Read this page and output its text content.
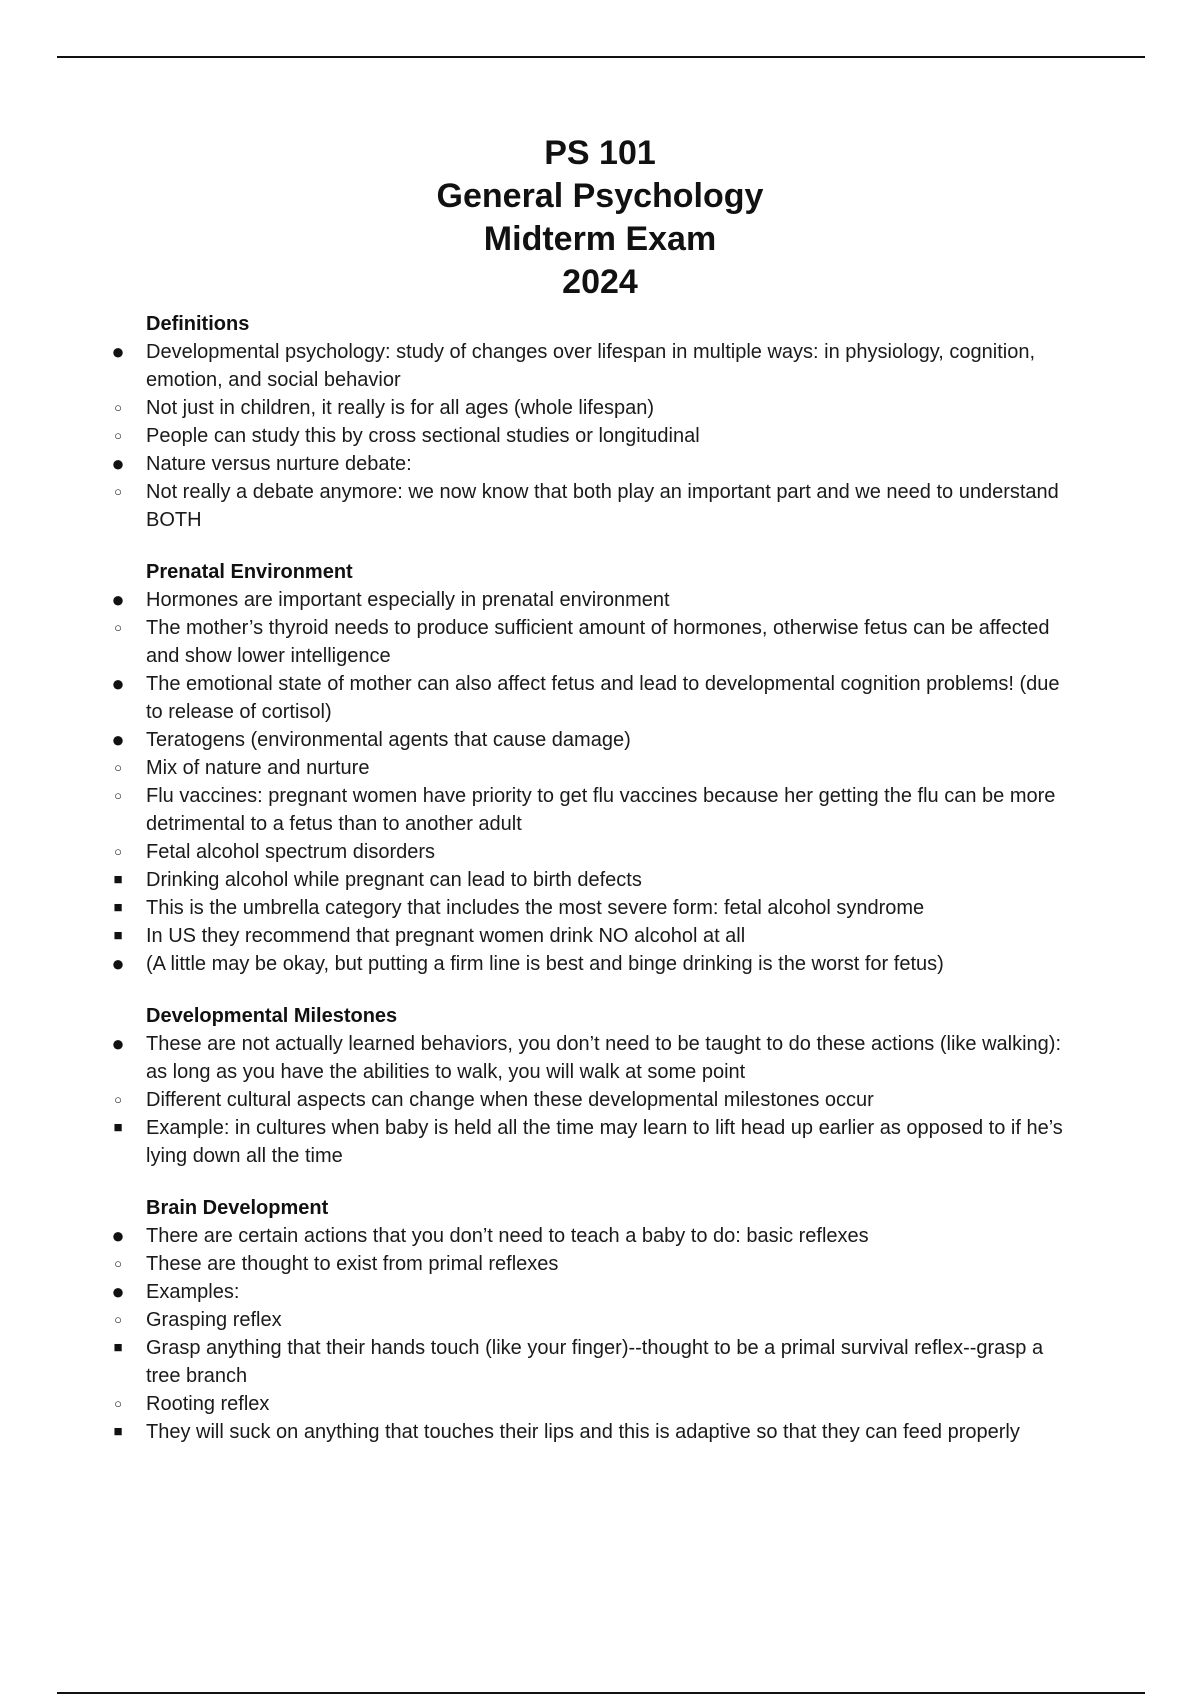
PS 101
General Psychology
Midterm Exam
2024
Definitions
● Developmental psychology: study of changes over lifespan in multiple ways: in physiology, cognition, emotion, and social behavior
○	Not just in children, it really is for all ages (whole lifespan)
○	People can study this by cross sectional studies or longitudinal
● Nature versus nurture debate:
○	Not really a debate anymore: we now know that both play an important part and we need to understand BOTH
Prenatal Environment
● Hormones are important especially in prenatal environment
○	The mother’s thyroid needs to produce sufficient amount of hormones, otherwise fetus can be affected and show lower intelligence
● The emotional state of mother can also affect fetus and lead to developmental cognition problems! (due to release of cortisol)
● Teratogens (environmental agents that cause damage)
○	Mix of nature and nurture
○	Flu vaccines: pregnant women have priority to get flu vaccines because her getting the flu can be more detrimental to a fetus than to another adult
○	Fetal alcohol spectrum disorders
■ Drinking alcohol while pregnant can lead to birth defects
■ This is the umbrella category that includes the most severe form: fetal alcohol syndrome
■ In US they recommend that pregnant women drink NO alcohol at all
● (A little may be okay, but putting a firm line is best and binge drinking is the worst for fetus)
Developmental Milestones
● These are not actually learned behaviors, you don’t need to be taught to do these actions (like walking): as long as you have the abilities to walk, you will walk at some point
○	Different cultural aspects can change when these developmental milestones occur
■ Example: in cultures when baby is held all the time may learn to lift head up earlier as opposed to if he’s lying down all the time
Brain Development
● There are certain actions that you don’t need to teach a baby to do: basic reflexes
○	These are thought to exist from primal reflexes
● Examples:
○	Grasping reflex
■ Grasp anything that their hands touch (like your finger)--thought to be a primal survival reflex--grasp a tree branch
○	Rooting reflex
■ They will suck on anything that touches their lips and this is adaptive so that they can feed properly
